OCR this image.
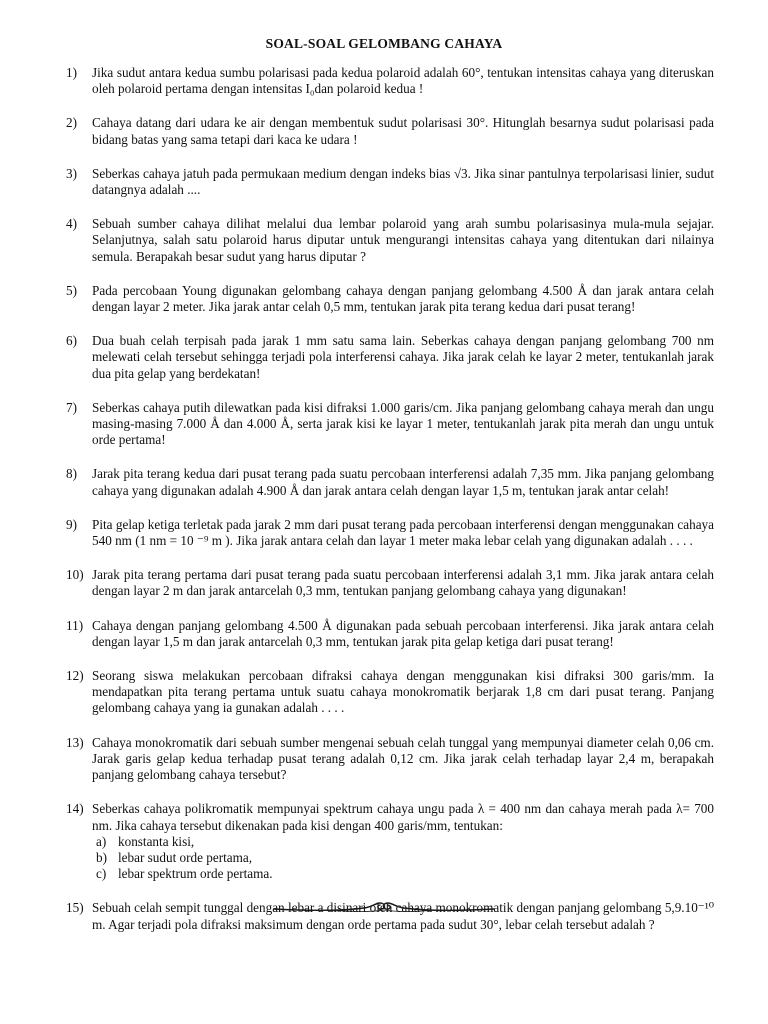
SOAL-SOAL GELOMBANG CAHAYA
1)	Jika sudut antara kedua sumbu polarisasi pada kedua polaroid adalah 60°, tentukan intensitas cahaya yang diteruskan oleh polaroid pertama dengan intensitas I₀dan polaroid kedua !
2)	Cahaya datang dari udara ke air dengan membentuk sudut polarisasi 30°. Hitunglah besarnya sudut polarisasi pada bidang batas yang sama tetapi dari kaca ke udara !
3)	Seberkas cahaya jatuh pada permukaan medium dengan indeks bias √3. Jika sinar pantulnya terpolarisasi linier, sudut datangnya adalah ....
4)	Sebuah sumber cahaya dilihat melalui dua lembar polaroid yang arah sumbu polarisasinya mula-mula sejajar. Selanjutnya, salah satu polaroid harus diputar untuk mengurangi intensitas cahaya yang ditentukan dari nilainya semula. Berapakah besar sudut yang harus diputar ?
5)	Pada percobaan Young digunakan gelombang cahaya dengan panjang gelombang 4.500 Å dan jarak antara celah dengan layar 2 meter. Jika jarak antar celah 0,5 mm, tentukan jarak pita terang kedua dari pusat terang!
6)	Dua buah celah terpisah pada jarak 1 mm satu sama lain. Seberkas cahaya dengan panjang gelombang 700 nm melewati celah tersebut sehingga terjadi pola interferensi cahaya. Jika jarak celah ke layar 2 meter, tentukanlah jarak dua pita gelap yang berdekatan!
7)	Seberkas cahaya putih dilewatkan pada kisi difraksi 1.000 garis/cm. Jika panjang gelombang cahaya merah dan ungu masing-masing 7.000 Å dan 4.000 Å, serta jarak kisi ke layar 1 meter, tentukanlah jarak pita merah dan ungu untuk orde pertama!
8)	Jarak pita terang kedua dari pusat terang pada suatu percobaan interferensi adalah 7,35 mm. Jika panjang gelombang cahaya yang digunakan adalah 4.900 Å dan jarak antara celah dengan layar 1,5 m, tentukan jarak antar celah!
9)	Pita gelap ketiga terletak pada jarak 2 mm dari pusat terang pada percobaan interferensi dengan menggunakan cahaya 540 nm (1 nm = 10 ⁻⁹ m ). Jika jarak antara celah dan layar 1 meter maka lebar celah yang digunakan adalah . . . .
10) Jarak pita terang pertama dari pusat terang pada suatu percobaan interferensi adalah 3,1 mm. Jika jarak antara celah dengan layar 2 m dan jarak antarcelah 0,3 mm, tentukan panjang gelombang cahaya yang digunakan!
11) Cahaya dengan panjang gelombang 4.500 Å digunakan pada sebuah percobaan interferensi. Jika jarak antara celah dengan layar 1,5 m dan jarak antarcelah 0,3 mm, tentukan jarak pita gelap ketiga dari pusat terang!
12) Seorang siswa melakukan percobaan difraksi cahaya dengan menggunakan kisi difraksi 300 garis/mm. Ia mendapatkan pita terang pertama untuk suatu cahaya monokromatik berjarak 1,8 cm dari pusat terang. Panjang gelombang cahaya yang ia gunakan adalah . . . .
13) Cahaya monokromatik dari sebuah sumber mengenai sebuah celah tunggal yang mempunyai diameter celah 0,06 cm. Jarak garis gelap kedua terhadap pusat terang adalah 0,12 cm. Jika jarak celah terhadap layar 2,4 m, berapakah panjang gelombang cahaya tersebut?
14) Seberkas cahaya polikromatik mempunyai spektrum cahaya ungu pada λ = 400 nm dan cahaya merah pada λ= 700 nm. Jika cahaya tersebut dikenakan pada kisi dengan 400 garis/mm, tentukan:
a) konstanta kisi,
b) lebar sudut orde pertama,
c) lebar spektrum orde pertama.
15) Sebuah celah sempit tunggal dengan lebar a disinari oleh cahaya monokromatik dengan panjang gelombang 5,9.10⁻¹⁰ m. Agar terjadi pola difraksi maksimum dengan orde pertama pada sudut 30°, lebar celah tersebut adalah ?
